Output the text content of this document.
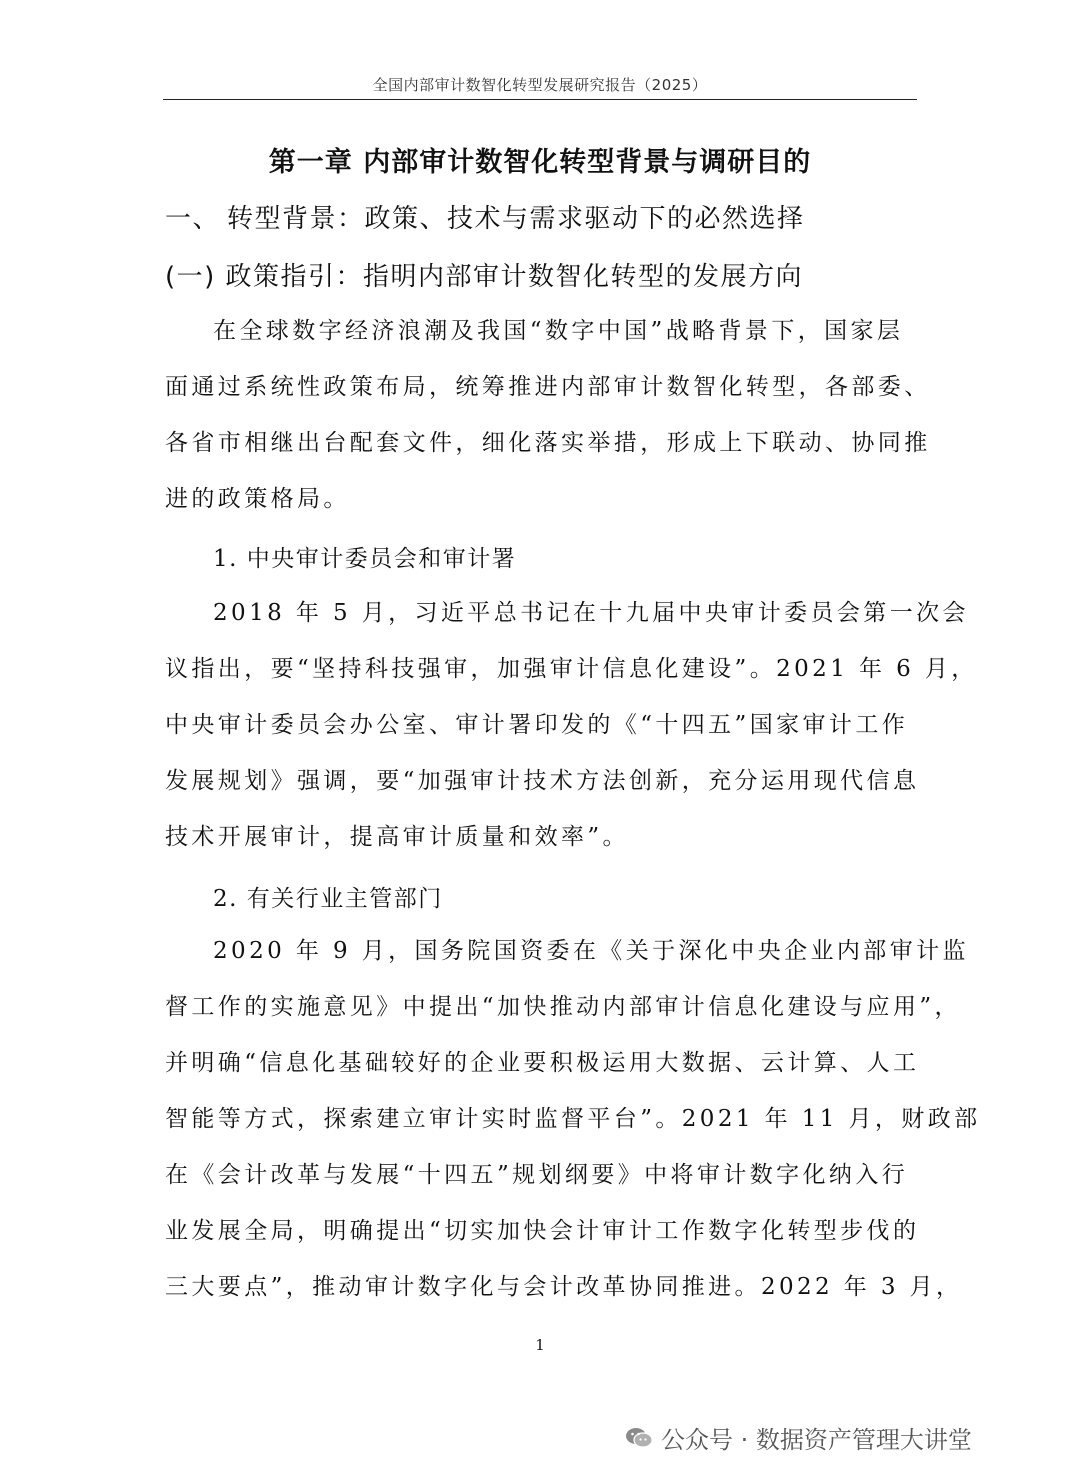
全国内部审计数智化转型发展研究报告（2025）
第一章 内部审计数智化转型背景与调研目的
一、 转型背景：政策、技术与需求驱动下的必然选择
(一) 政策指引：指明内部审计数智化转型的发展方向
在全球数字经济浪潮及我国“数字中国”战略背景下，国家层
面通过系统性政策布局，统筹推进内部审计数智化转型，各部委、
各省市相继出台配套文件，细化落实举措，形成上下联动、协同推
进的政策格局。
1. 中央审计委员会和审计署
2018 年 5 月，习近平总书记在十九届中央审计委员会第一次会
议指出，要“坚持科技强审，加强审计信息化建设”。2021 年 6 月，
中央审计委员会办公室、审计署印发的《“十四五”国家审计工作
发展规划》强调，要“加强审计技术方法创新，充分运用现代信息
技术开展审计，提高审计质量和效率”。
2. 有关行业主管部门
2020 年 9 月，国务院国资委在《关于深化中央企业内部审计监
督工作的实施意见》中提出“加快推动内部审计信息化建设与应用”，
并明确“信息化基础较好的企业要积极运用大数据、云计算、人工
智能等方式，探索建立审计实时监督平台”。2021 年 11 月，财政部
在《会计改革与发展“十四五”规划纲要》中将审计数字化纳入行
业发展全局，明确提出“切实加快会计审计工作数字化转型步伐的
三大要点”，推动审计数字化与会计改革协同推进。2022 年 3 月，
1
公众号 · 数据资产管理大讲堂
